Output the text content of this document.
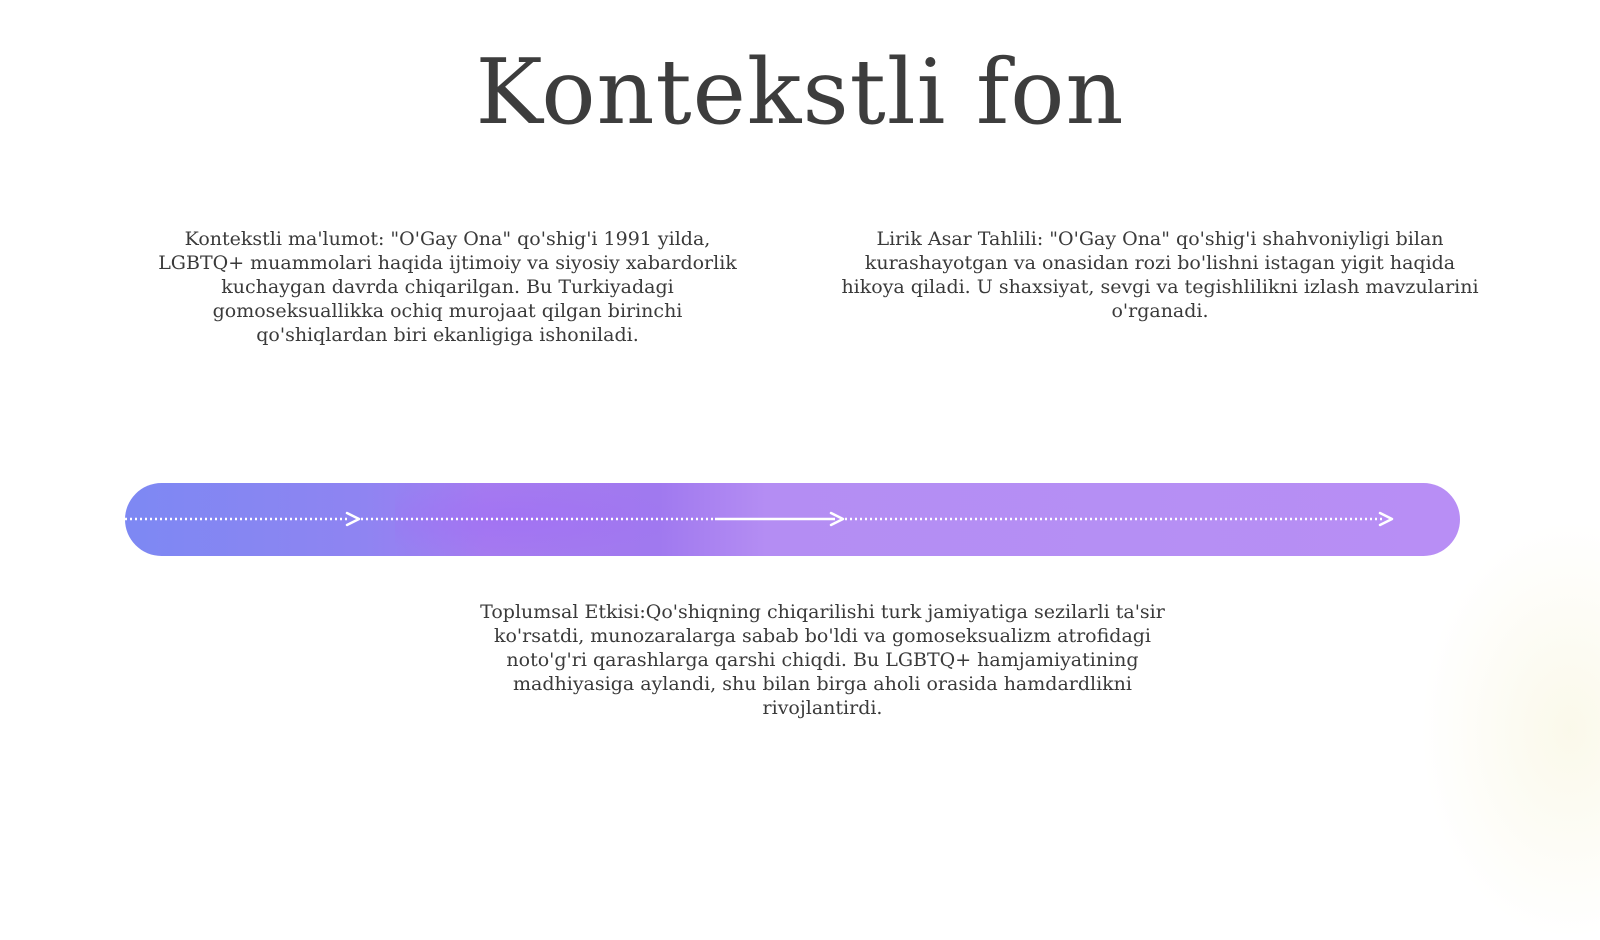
Kontekstli fon
Kontekstli ma'lumot: "O'Gay Ona" qo'shig'i 1991 yilda, LGBTQ+ muammolari haqida ijtimoiy va siyosiy xabardorlik kuchaygan davrda chiqarilgan. Bu Turkiyadagi gomoseksuallikka ochiq murojaat qilgan birinchi qo'shiqlardan biri ekanligiga ishoniladi.
Lirik Asar Tahlili: "O'Gay Ona" qo'shig'i shahvoniyligi bilan kurashayotgan va onasidan rozi bo'lishni istagan yigit haqida hikoya qiladi. U shaxsiyat, sevgi va tegishlilikni izlash mavzularini o'rganadi.
Toplumsal Etkisi:Qo'shiqning chiqarilishi turk jamiyatiga sezilarli ta'sir ko'rsatdi, munozaralarga sabab bo'ldi va gomoseksualizm atrofidagi noto'g'ri qarashlarga qarshi chiqdi. Bu LGBTQ+ hamjamiyatining madhiyasiga aylandi, shu bilan birga aholi orasida hamdardlikni rivojlantirdi.
